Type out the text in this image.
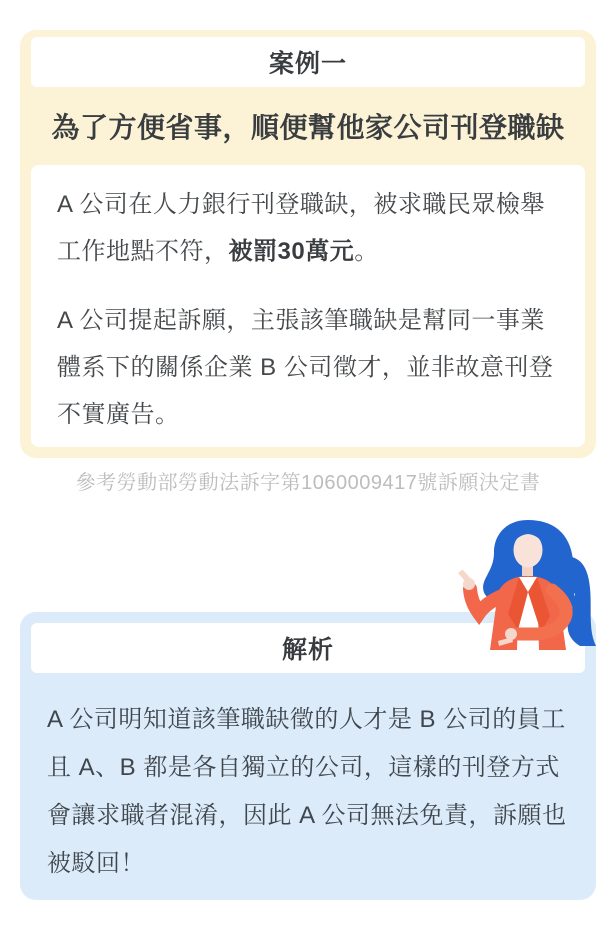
案例一
為了方便省事，順便幫他家公司刊登職缺

A 公司在人力銀行刊登職缺，被求職民眾檢舉工作地點不符，被罰30萬元。

A 公司提起訴願，主張該筆職缺是幫同一事業體系下的關係企業 B 公司徵才，並非故意刊登不實廣告。

參考勞動部勞動法訴字第1060009417號訴願決定書
解析
A 公司明知道該筆職缺徵的人才是 B 公司的員工且 A、B 都是各自獨立的公司，這樣的刊登方式會讓求職者混淆，因此 A 公司無法免責，訴願也被駁回！
